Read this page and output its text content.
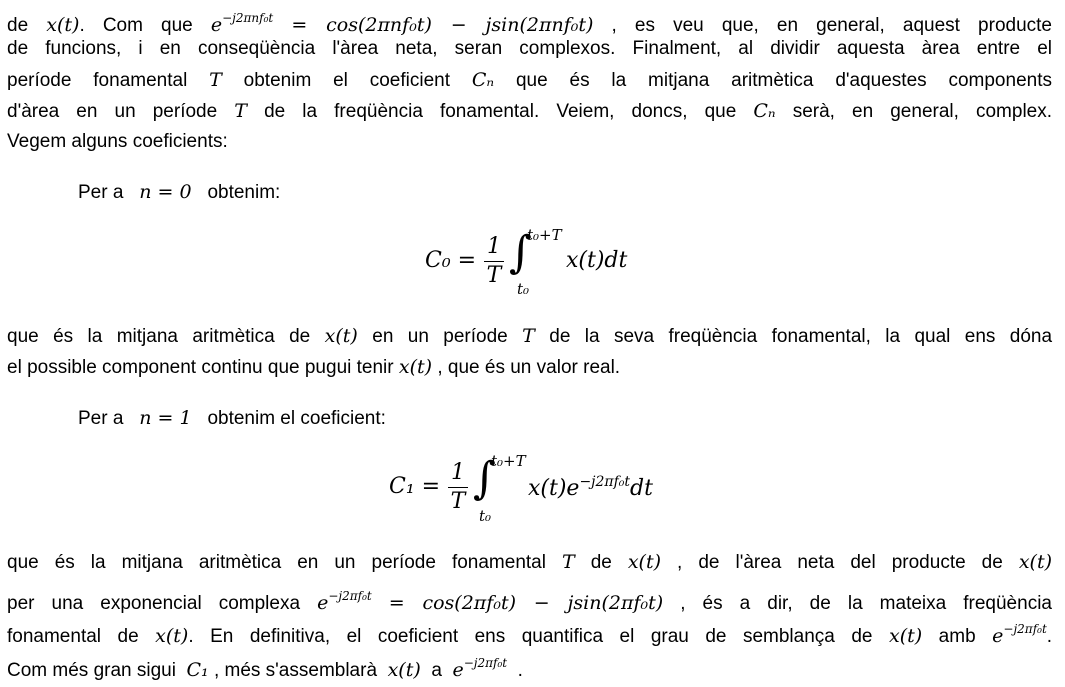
de x(t). Com que $e^{-j2\pi nf_0t} = \cos(2\pi nf_0t) - jsin(2\pi nf_0t)$ , es veu que, en general, aquest producte
de funcions, i en conseqüència l'àrea neta, seran complexos. Finalment, al dividir aquesta àrea entre el
període fonamental T obtenim el coeficient Cₙ que és la mitjana aritmètica d'aquestes components
d'àrea en un període T de la freqüència fonamental. Veiem, doncs, que Cₙ serà, en general, complex.
Vegem alguns coeficients:
Per a n = 0 obtenim:
$C_0 = \frac{1}{T}$ ∫
t₀+T
t₀
x(t)dt
que és la mitjana aritmètica de x(t) en un període T de la seva freqüència fonamental, la qual ens dóna
el possible component continu que pugui tenir x(t) , que és un valor real.
Per a n = 1 obtenim el coeficient:
$C_1 = \frac{1}{T}$ ∫
t₀+T
t₀
$x(t)e^{-j2\pi f_0t}dt$
que és la mitjana aritmètica en un període fonamental T de x(t) , de l'àrea neta del producte de x(t)
per una exponencial complexa $e^{-j2\pi f_0t} = \cos(2\pi f_0t) - jsin(2\pi f_0t)$ , és a dir, de la mateixa freqüència
fonamental de x(t). En definitiva, el coeficient ens quantifica el grau de semblança de x(t) amb $e^{-j2\pi f_0t}$.
Com més gran sigui C₁ , més s'assemblarà x(t) a $e^{-j2\pi f_0t}$ .
